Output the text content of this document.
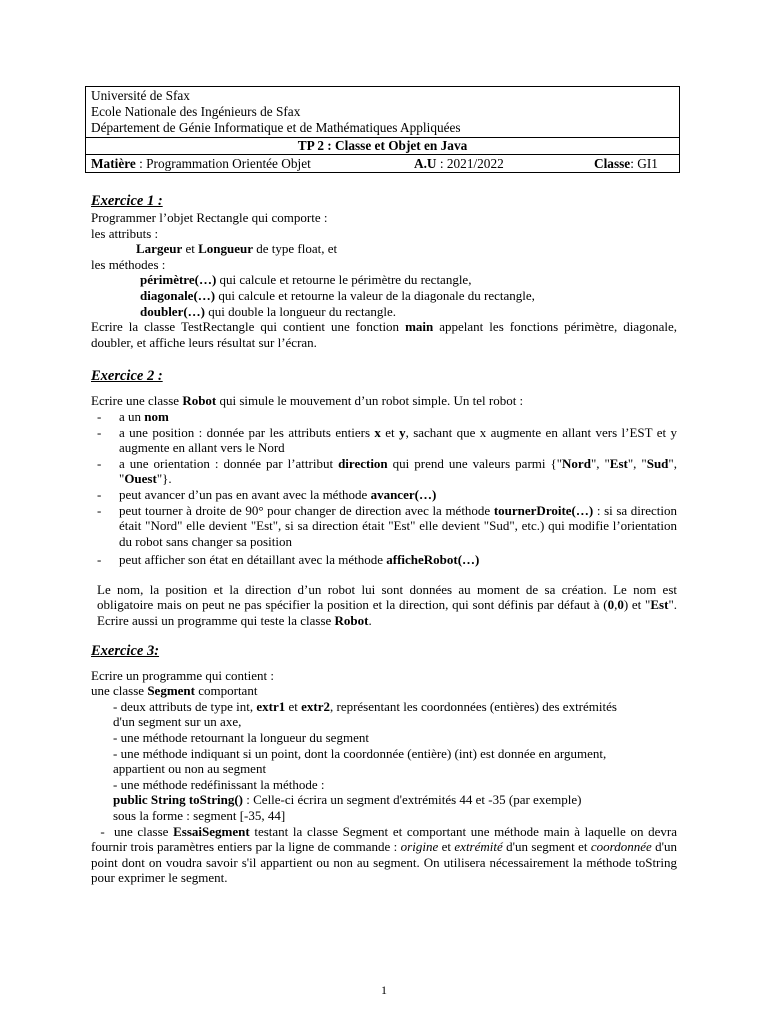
Université de Sfax
Ecole Nationale des Ingénieurs de Sfax
Département de Génie Informatique et de Mathématiques Appliquées
TP 2 : Classe et Objet en Java
Matière : Programmation Orientée Objet	A.U : 2021/2022	Classe: GI1
Exercice 1 :

Programmer l’objet Rectangle qui comporte :

les attributs :

Largeur et Longueur de type float, et

les méthodes :

périmètre(…) qui calcule et retourne le périmètre du rectangle,

diagonale(…) qui calcule et retourne la valeur de la diagonale du rectangle,

doubler(…) qui double la longueur du rectangle.

Ecrire la classe TestRectangle qui contient une fonction main appelant les fonctions périmètre, diagonale, doubler, et affiche leurs résultat sur l’écran.

Exercice 2 :

Ecrire une classe Robot qui simule le mouvement d’un robot simple. Un tel robot :

- a un nom
- a une position : donnée par les attributs entiers x et y, sachant que x augmente en allant vers l’EST et y augmente en allant vers le Nord
- a une orientation : donnée par l’attribut direction qui prend une valeurs parmi {"Nord", "Est", "Sud", "Ouest"}.
- peut avancer d’un pas en avant avec la méthode avancer(…)
- peut tourner à droite de 90° pour changer de direction avec la méthode tournerDroite(…) : si sa direction était "Nord" elle devient "Est", si sa direction était "Est" elle devient "Sud", etc.) qui modifie l’orientation du robot sans changer sa position
- peut afficher son état en détaillant avec la méthode afficheRobot(…)

Le nom, la position et la direction d’un robot lui sont données au moment de sa création. Le nom est obligatoire mais on peut ne pas spécifier la position et la direction, qui sont définis par défaut à (0,0) et "Est". Ecrire aussi un programme qui teste la classe Robot.

Exercice 3:

Ecrire un programme qui contient :

une classe Segment comportant

- deux attributs de type int, extr1 et extr2, représentant les coordonnées (entières) des extrémités

d'un segment sur un axe,

- une méthode retournant la longueur du segment

- une méthode indiquant si un point, dont la coordonnée (entière) (int) est donnée en argument,

appartient ou non au segment

- une méthode redéfinissant la méthode :

public String toString() : Celle-ci écrira un segment d'extrémités 44 et -35 (par exemple)

sous la forme : segment [-35, 44]

-  une classe EssaiSegment testant la classe Segment et comportant une méthode main à laquelle on devra fournir trois paramètres entiers par la ligne de commande : origine et extrémité d'un segment et coordonnée d'un point dont on voudra savoir s'il appartient ou non au segment. On utilisera nécessairement la méthode toString pour exprimer le segment.

1
